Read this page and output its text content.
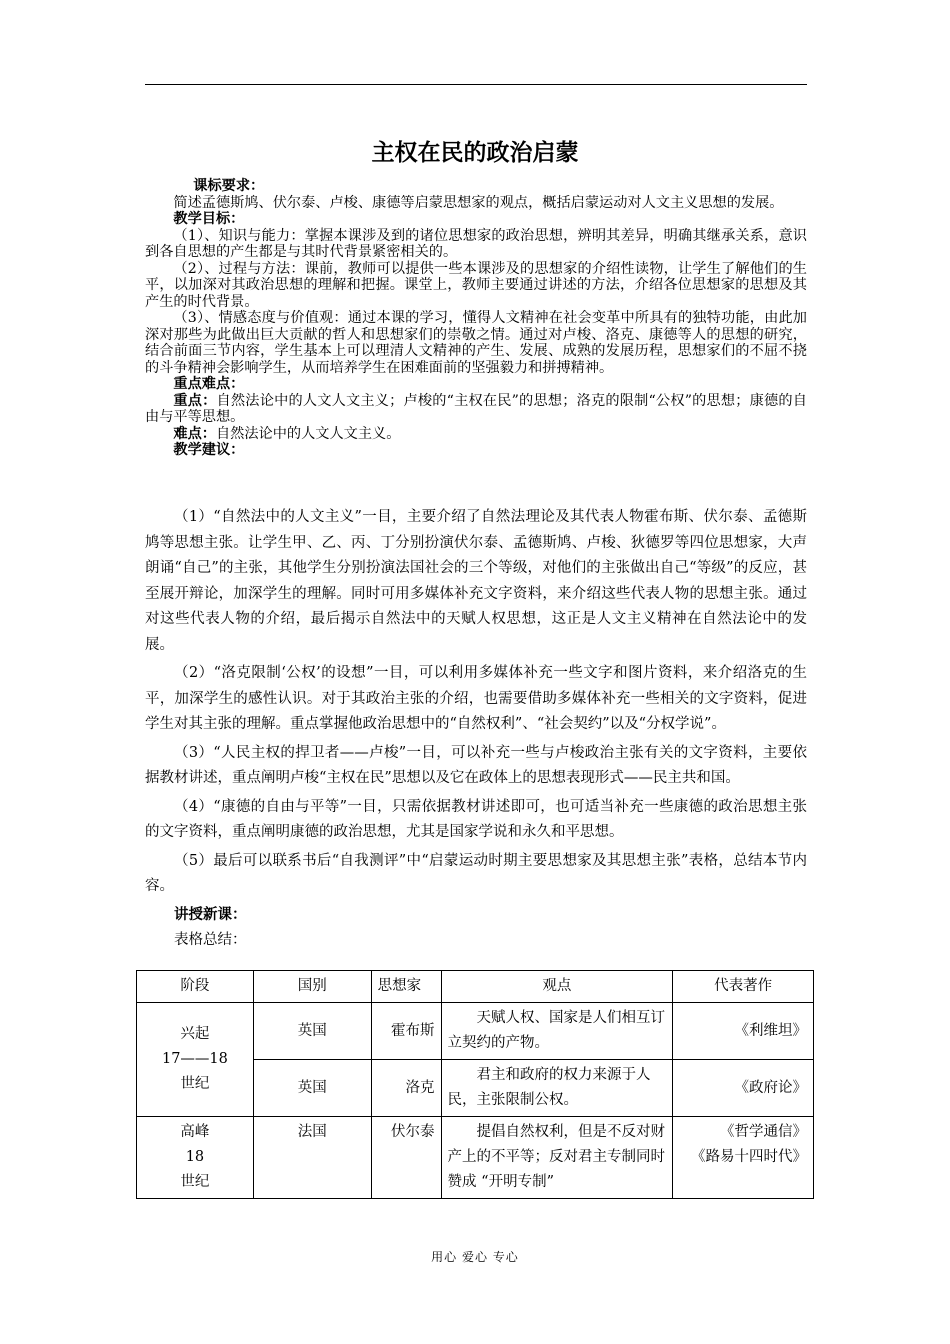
主权在民的政治启蒙

课标要求：

简述孟德斯鸠、伏尔泰、卢梭、康德等启蒙思想家的观点，概括启蒙运动对人文主义思想的发展。

教学目标：

（1）、知识与能力：掌握本课涉及到的诸位思想家的政治思想，辨明其差异，明确其继承关系，意识到各自思想的产生都是与其时代背景紧密相关的。

（2）、过程与方法：课前，教师可以提供一些本课涉及的思想家的介绍性读物，让学生了解他们的生平，以加深对其政治思想的理解和把握。课堂上，教师主要通过讲述的方法，介绍各位思想家的思想及其产生的时代背景。

（3）、情感态度与价值观：通过本课的学习，懂得人文精神在社会变革中所具有的独特功能，由此加深对那些为此做出巨大贡献的哲人和思想家们的崇敬之情。通过对卢梭、洛克、康德等人的思想的研究，结合前面三节内容，学生基本上可以理清人文精神的产生、发展、成熟的发展历程，思想家们的不屈不挠的斗争精神会影响学生，从而培养学生在困难面前的坚强毅力和拼搏精神。

重点难点：

重点：自然法论中的人文人文主义；卢梭的“主权在民”的思想；洛克的限制“公权”的思想；康德的自由与平等思想。

难点：自然法论中的人文人文主义。

教学建议：

（1）“自然法中的人文主义”一目，主要介绍了自然法理论及其代表人物霍布斯、伏尔泰、孟德斯鸠等思想主张。让学生甲、乙、丙、丁分别扮演伏尔泰、孟德斯鸠、卢梭、狄德罗等四位思想家，大声朗诵“自己”的主张，其他学生分别扮演法国社会的三个等级，对他们的主张做出自己“等级”的反应，甚至展开辩论，加深学生的理解。同时可用多媒体补充文字资料，来介绍这些代表人物的思想主张。通过对这些代表人物的介绍，最后揭示自然法中的天赋人权思想，这正是人文主义精神在自然法论中的发展。

（2）“洛克限制‘公权’的设想”一目，可以利用多媒体补充一些文字和图片资料，来介绍洛克的生平，加深学生的感性认识。对于其政治主张的介绍，也需要借助多媒体补充一些相关的文字资料，促进学生对其主张的理解。重点掌握他政治思想中的“自然权利”、“社会契约”以及“分权学说”。

（3）“人民主权的捍卫者——卢梭”一目，可以补充一些与卢梭政治主张有关的文字资料，主要依据教材讲述，重点阐明卢梭“主权在民”思想以及它在政体上的思想表现形式——民主共和国。

（4）“康德的自由与平等”一目，只需依据教材讲述即可，也可适当补充一些康德的政治思想主张的文字资料，重点阐明康德的政治思想，尤其是国家学说和永久和平思想。

（5）最后可以联系书后“自我测评”中“启蒙运动时期主要思想家及其思想主张”表格，总结本节内容。

讲授新课：

表格总结：

阶段	国别	思想家	观点	代表著作
兴起
17——18
世纪	英国	霍布斯	天赋人权、国家是人们相互订立契约的产物。	《利维坦》
	英国	洛克	君主和政府的权力来源于人民，主张限制公权。	《政府论》
高峰
18
世纪	法国	伏尔泰	提倡自然权利，但是不反对财产上的不平等；反对君主专制同时赞成 “开明专制”	《哲学通信》
《路易十四时代》
用心 爱心 专心
